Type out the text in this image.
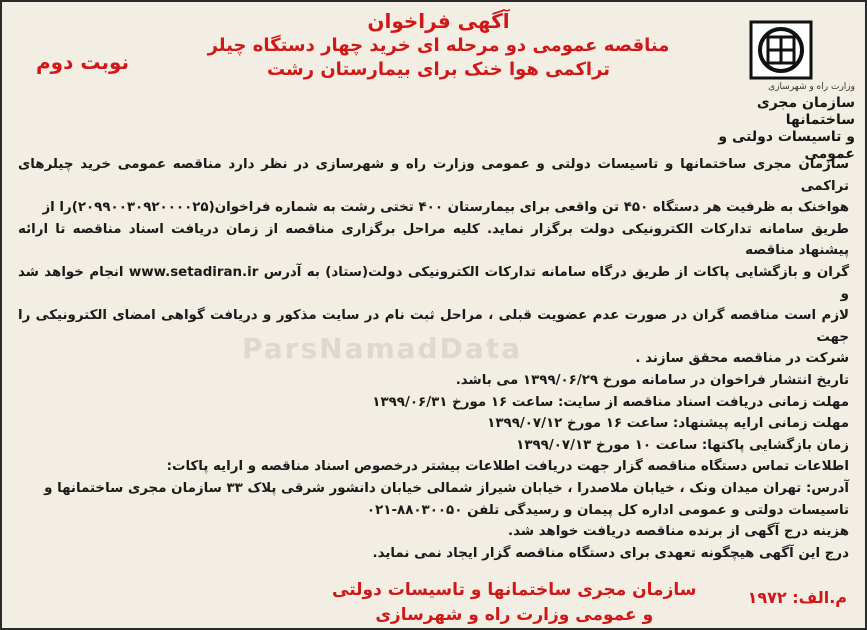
ParsNamadData
نوبت دوم
آگهی فراخوان
مناقصه عمومی دو مرحله ای خرید چهار دستگاه چیلر
تراکمی هوا خنک برای بیمارستان رشت
وزارت راه و شهرسازی
سازمان مجری ساختمانها
و تاسیسات دولتی و عمومی
سازمان مجری ساختمانها و تاسیسات دولتی و عمومی وزارت راه و شهرسازی در نظر دارد مناقصه عمومی خرید چیلرهای تراکمی
هواخنک به ظرفیت هر دستگاه ۴۵۰ تن واقعی برای بیمارستان ۴۰۰ تختی رشت به شماره فراخوان(۲۰۹۹۰۰۳۰۹۲۰۰۰۰۲۵)را از
طریق سامانه تدارکات الکترونیکی دولت برگزار نماید. کلیه مراحل برگزاری مناقصه از زمان دریافت اسناد مناقصه تا ارائه پیشنهاد مناقصه
گران و بازگشایی پاکات از طریق درگاه سامانه تدارکات الکترونیکی دولت(ستاد) به آدرس www.setadiran.ir انجام خواهد شد و
لازم است مناقصه گران در صورت عدم عضویت قبلی ، مراحل ثبت نام در سایت مذکور و دریافت گواهی امضای الکترونیکی را جهت
شرکت در مناقصه محقق سازند .
تاریخ انتشار فراخوان در سامانه مورخ ۱۳۹۹/۰۶/۲۹ می باشد.
مهلت زمانی دریافت اسناد مناقصه از سایت: ساعت ۱۶ مورخ ۱۳۹۹/۰۶/۳۱
مهلت زمانی ارایه پیشنهاد: ساعت ۱۶ مورخ ۱۳۹۹/۰۷/۱۲
زمان بازگشایی پاکتها: ساعت ۱۰ مورخ ۱۳۹۹/۰۷/۱۳
اطلاعات تماس دستگاه مناقصه گزار جهت دریافت اطلاعات بیشتر درخصوص اسناد مناقصه و ارایه پاکات:
آدرس: تهران میدان ونک ، خیابان ملاصدرا ، خیابان شیراز شمالی خیابان دانشور شرقی پلاک ۳۳ سازمان مجری ساختمانها و
تاسیسات دولتی و عمومی اداره کل پیمان و رسیدگی تلفن ۸۸۰۳۰۰۵۰-۰۲۱
هزینه درج آگهی از برنده مناقصه دریافت خواهد شد.
درج این آگهی هیچگونه تعهدی برای دستگاه مناقصه گزار ایجاد نمی نماید.
سازمان مجری ساختمانها و تاسیسات دولتی
و عمومی وزارت راه و شهرسازی
م.الف: ۱۹۷۲
